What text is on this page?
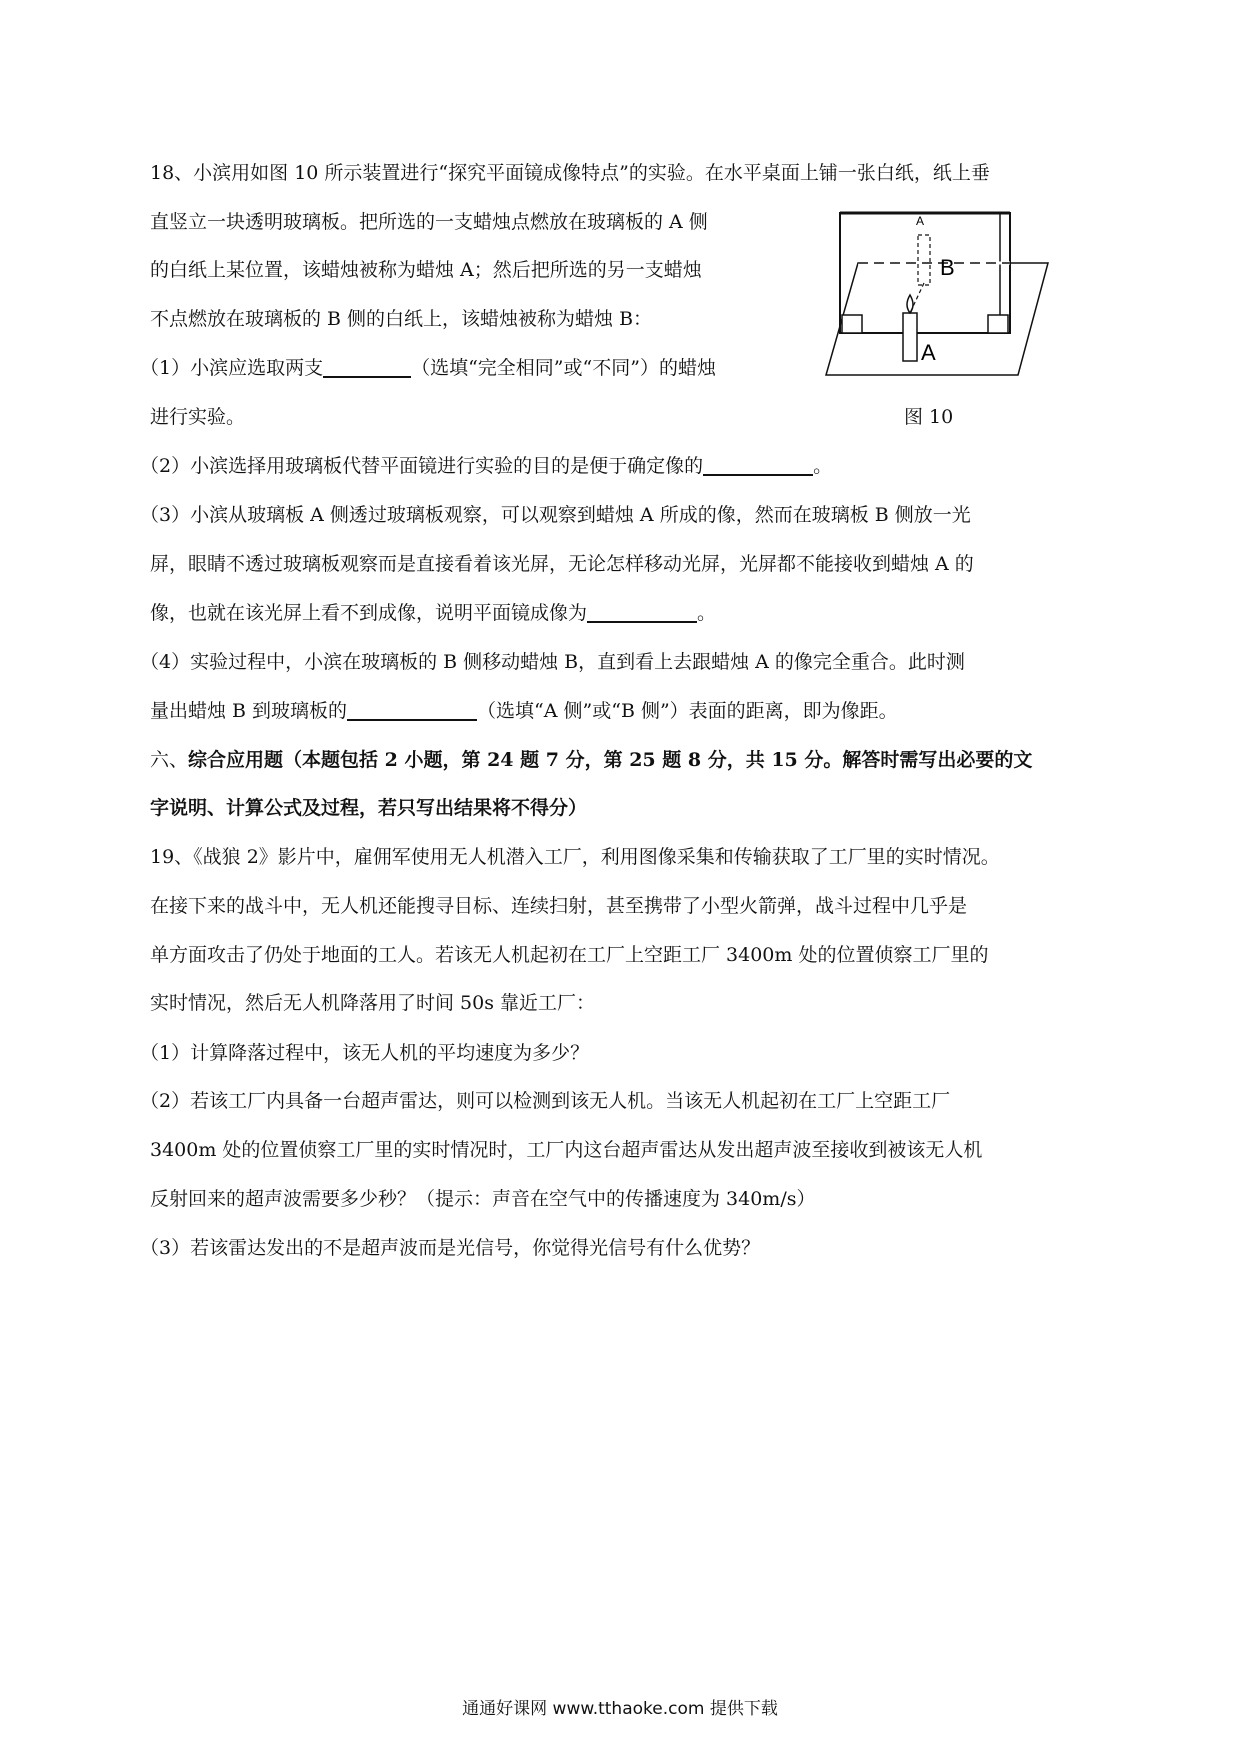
18、小滨用如图 10 所示装置进行“探究平面镜成像特点”的实验。在水平桌面上铺一张白纸，纸上垂
直竖立一块透明玻璃板。把所选的一支蜡烛点燃放在玻璃板的 A 侧
的白纸上某位置，该蜡烛被称为蜡烛 A；然后把所选的另一支蜡烛
不点燃放在玻璃板的 B 侧的白纸上，该蜡烛被称为蜡烛 B：
（1）小滨应选取两支	（选填“完全相同”或“不同”）的蜡烛
进行实验。
A
B
A
图 10
（2）小滨选择用玻璃板代替平面镜进行实验的目的是便于确定像的	。
（3）小滨从玻璃板 A 侧透过玻璃板观察，可以观察到蜡烛 A 所成的像，然而在玻璃板 B 侧放一光
屏，眼睛不透过玻璃板观察而是直接看着该光屏，无论怎样移动光屏，光屏都不能接收到蜡烛 A 的
像，也就在该光屏上看不到成像，说明平面镜成像为	。
（4）实验过程中，小滨在玻璃板的 B 侧移动蜡烛 B，直到看上去跟蜡烛 A 的像完全重合。此时测
量出蜡烛 B 到玻璃板的	（选填“A 侧”或“B 侧”）表面的距离，即为像距。
六、综合应用题（本题包括 2 小题，第 24 题 7 分，第 25 题 8 分，共 15 分。解答时需写出必要的文
字说明、计算公式及过程，若只写出结果将不得分）
19、《战狼 2》影片中，雇佣军使用无人机潜入工厂，利用图像采集和传输获取了工厂里的实时情况。
在接下来的战斗中，无人机还能搜寻目标、连续扫射，甚至携带了小型火箭弹，战斗过程中几乎是
单方面攻击了仍处于地面的工人。若该无人机起初在工厂上空距工厂 3400m 处的位置侦察工厂里的
实时情况，然后无人机降落用了时间 50s 靠近工厂：
（1）计算降落过程中，该无人机的平均速度为多少？
（2）若该工厂内具备一台超声雷达，则可以检测到该无人机。当该无人机起初在工厂上空距工厂
3400m 处的位置侦察工厂里的实时情况时，工厂内这台超声雷达从发出超声波至接收到被该无人机
反射回来的超声波需要多少秒？（提示：声音在空气中的传播速度为 340m/s）
（3）若该雷达发出的不是超声波而是光信号，你觉得光信号有什么优势？
通通好课网 www.tthaoke.com 提供下载
